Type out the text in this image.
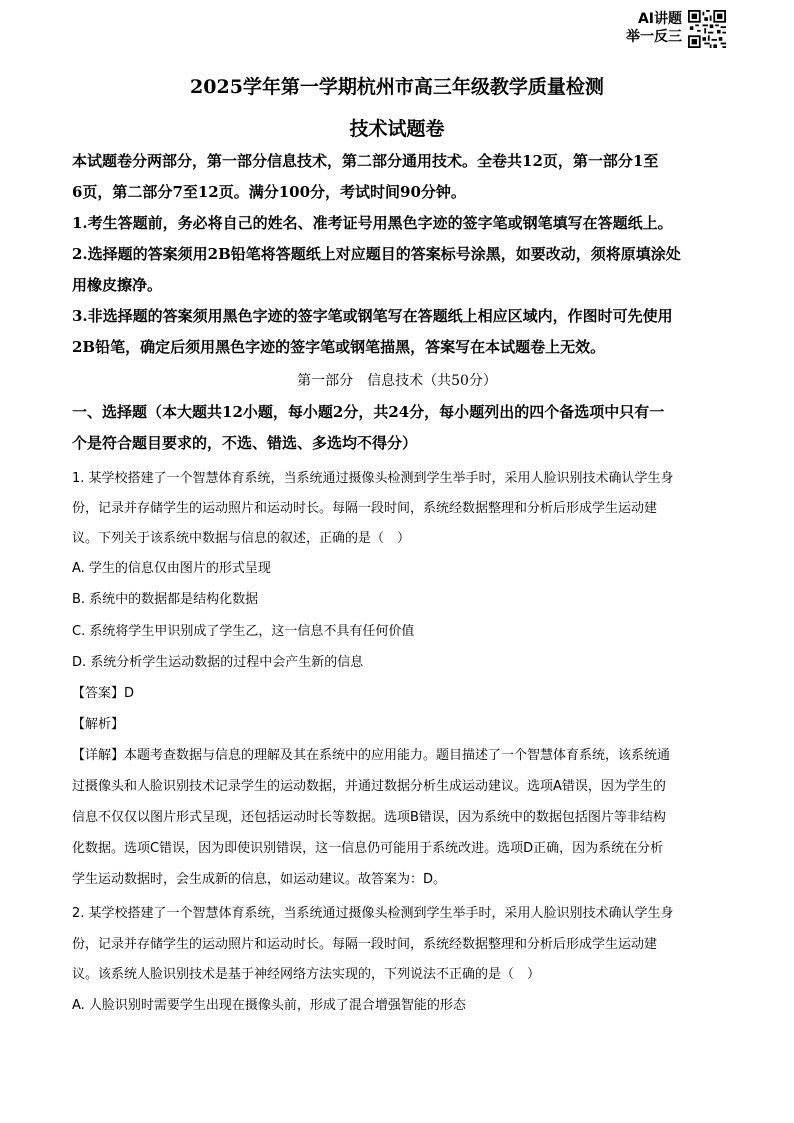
AI讲题
举一反三
2025学年第一学期杭州市高三年级教学质量检测
技术试题卷
本试题卷分两部分，第一部分信息技术，第二部分通用技术。全卷共12页，第一部分1至
6页，第二部分7至12页。满分100分，考试时间90分钟。
1.考生答题前，务必将自己的姓名、准考证号用黑色字迹的签字笔或钢笔填写在答题纸上。
2.选择题的答案须用2B铅笔将答题纸上对应题目的答案标号涂黑，如要改动，须将原填涂处
用橡皮擦净。
3.非选择题的答案须用黑色字迹的签字笔或钢笔写在答题纸上相应区域内，作图时可先使用
2B铅笔，确定后须用黑色字迹的签字笔或钢笔描黑，答案写在本试题卷上无效。
第一部分　信息技术（共50分）
一、选择题（本大题共12小题，每小题2分，共24分，每小题列出的四个备选项中只有一
个是符合题目要求的，不选、错选、多选均不得分）
1. 某学校搭建了一个智慧体育系统，当系统通过摄像头检测到学生举手时，采用人脸识别技术确认学生身
份，记录并存储学生的运动照片和运动时长。每隔一段时间，系统经数据整理和分析后形成学生运动建
议。下列关于该系统中数据与信息的叙述，正确的是（　）
A. 学生的信息仅由图片的形式呈现
B. 系统中的数据都是结构化数据
C. 系统将学生甲识别成了学生乙，这一信息不具有任何价值
D. 系统分析学生运动数据的过程中会产生新的信息
【答案】D
【解析】
【详解】本题考查数据与信息的理解及其在系统中的应用能力。题目描述了一个智慧体育系统，该系统通
过摄像头和人脸识别技术记录学生的运动数据，并通过数据分析生成运动建议。选项A错误，因为学生的
信息不仅仅以图片形式呈现，还包括运动时长等数据。选项B错误，因为系统中的数据包括图片等非结构
化数据。选项C错误，因为即使识别错误，这一信息仍可能用于系统改进。选项D正确，因为系统在分析
学生运动数据时，会生成新的信息，如运动建议。故答案为：D。
2. 某学校搭建了一个智慧体育系统，当系统通过摄像头检测到学生举手时，采用人脸识别技术确认学生身
份，记录并存储学生的运动照片和运动时长。每隔一段时间，系统经数据整理和分析后形成学生运动建
议。该系统人脸识别技术是基于神经网络方法实现的，下列说法不正确的是（　）
A. 人脸识别时需要学生出现在摄像头前，形成了混合增强智能的形态
